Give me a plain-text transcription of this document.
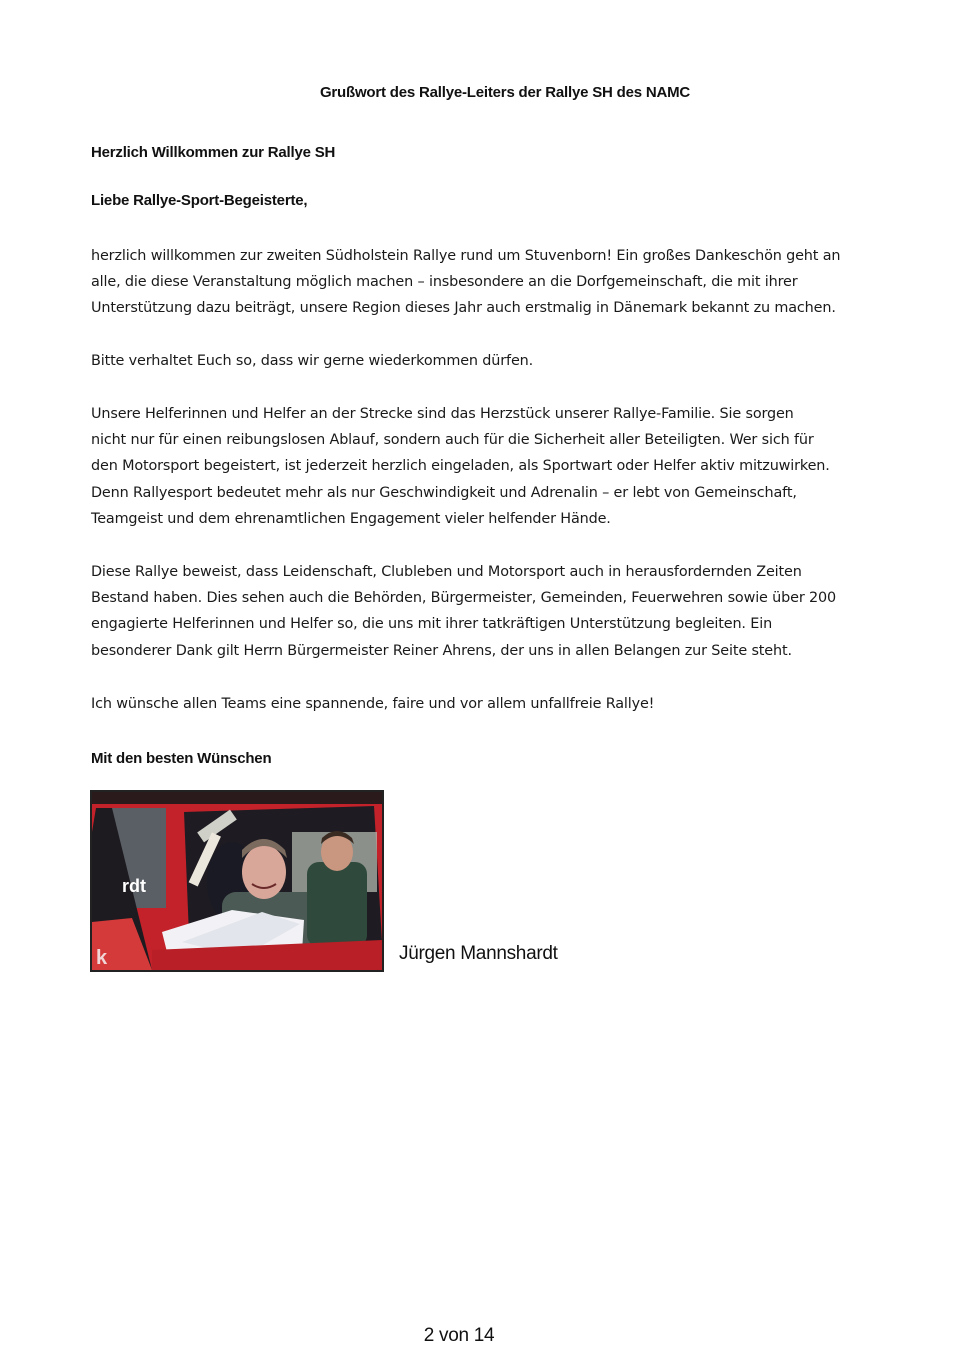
Grußwort des Rallye-Leiters der Rallye SH des NAMC
Herzlich Willkommen zur Rallye SH
Liebe Rallye-Sport-Begeisterte,

herzlich willkommen zur zweiten Südholstein Rallye rund um Stuvenborn! Ein großes Dankeschön geht an

alle, die diese Veranstaltung möglich machen – insbesondere an die Dorfgemeinschaft, die mit ihrer

Unterstützung dazu beiträgt, unsere Region dieses Jahr auch erstmalig in Dänemark bekannt zu machen.

Bitte verhaltet Euch so, dass wir gerne wiederkommen dürfen.

Unsere Helferinnen und Helfer an der Strecke sind das Herzstück unserer Rallye-Familie. Sie sorgen

nicht nur für einen reibungslosen Ablauf, sondern auch für die Sicherheit aller Beteiligten. Wer sich für

den Motorsport begeistert, ist jederzeit herzlich eingeladen, als Sportwart oder Helfer aktiv mitzuwirken.

Denn Rallyesport bedeutet mehr als nur Geschwindigkeit und Adrenalin – er lebt von Gemeinschaft,

Teamgeist und dem ehrenamtlichen Engagement vieler helfender Hände.

Diese Rallye beweist, dass Leidenschaft, Clubleben und Motorsport auch in herausfordernden Zeiten

Bestand haben. Dies sehen auch die Behörden, Bürgermeister, Gemeinden, Feuerwehren sowie über 200

engagierte Helferinnen und Helfer so, die uns mit ihrer tatkräftigen Unterstützung begleiten. Ein

besonderer Dank gilt Herrn Bürgermeister Reiner Ahrens, der uns in allen Belangen zur Seite steht.

Ich wünsche allen Teams eine spannende, faire und vor allem unfallfreie Rallye!

Mit den besten Wünschen
rdt
k	Jürgen Mannshardt
2 von 14
